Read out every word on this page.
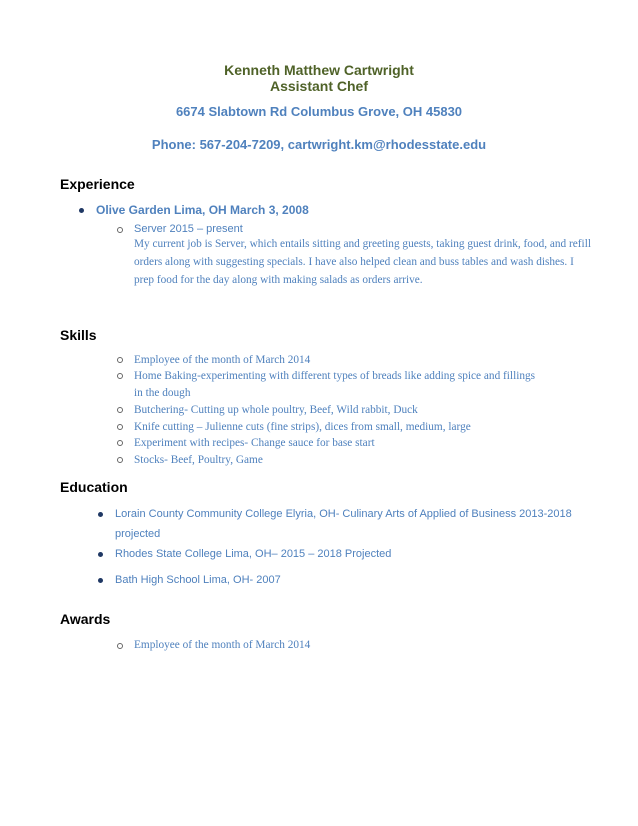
Kenneth Matthew Cartwright
Assistant Chef
6674 Slabtown Rd Columbus Grove, OH 45830
Phone: 567-204-7209, cartwright.km@rhodesstate.edu
Experience
Olive Garden Lima, OH March 3, 2008
Server 2015 – present
My current job is Server, which entails sitting and greeting guests, taking guest drink, food, and refill orders along with suggesting specials. I have also helped clean and buss tables and wash dishes. I prep food for the day along with making salads as orders arrive.
Skills
Employee of the month of March 2014
Home Baking-experimenting with different types of breads like adding spice and fillings
in the dough
Butchering- Cutting up whole poultry, Beef, Wild rabbit, Duck
Knife cutting – Julienne cuts (fine strips), dices from small, medium, large
Experiment with recipes- Change sauce for base start
Stocks- Beef, Poultry, Game
Education
Lorain County Community College Elyria, OH- Culinary Arts of Applied of Business 2013-2018 projected
Rhodes State College Lima, OH– 2015 – 2018 Projected
Bath High School Lima, OH- 2007
Awards
Employee of the month of March 2014
